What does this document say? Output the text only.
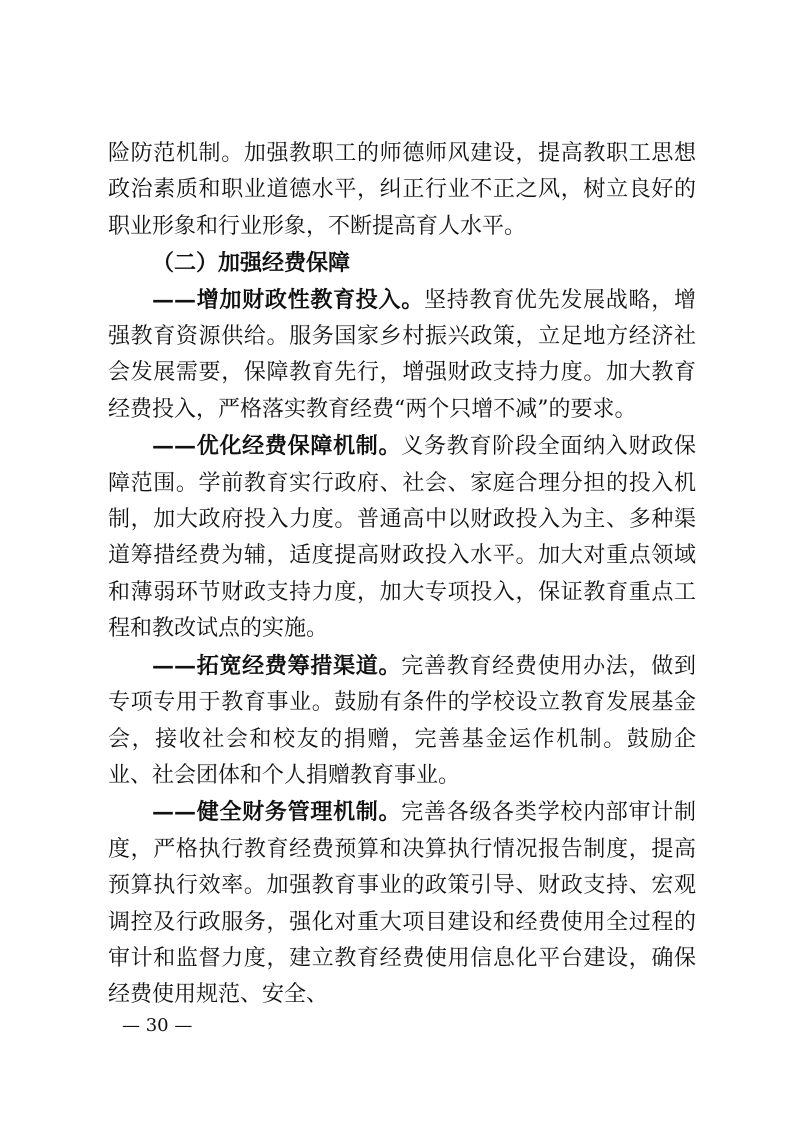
险防范机制。加强教职工的师德师风建设，提高教职工思想政治素质和职业道德水平，纠正行业不正之风，树立良好的职业形象和行业形象，不断提高育人水平。

（二）加强经费保障

——增加财政性教育投入。坚持教育优先发展战略，增强教育资源供给。服务国家乡村振兴政策，立足地方经济社会发展需要，保障教育先行，增强财政支持力度。加大教育经费投入，严格落实教育经费“两个只增不减”的要求。

——优化经费保障机制。义务教育阶段全面纳入财政保障范围。学前教育实行政府、社会、家庭合理分担的投入机制，加大政府投入力度。普通高中以财政投入为主、多种渠道筹措经费为辅，适度提高财政投入水平。加大对重点领域和薄弱环节财政支持力度，加大专项投入，保证教育重点工程和教改试点的实施。

——拓宽经费筹措渠道。完善教育经费使用办法，做到专项专用于教育事业。鼓励有条件的学校设立教育发展基金会，接收社会和校友的捐赠，完善基金运作机制。鼓励企业、社会团体和个人捐赠教育事业。

——健全财务管理机制。完善各级各类学校内部审计制度，严格执行教育经费预算和决算执行情况报告制度，提高预算执行效率。加强教育事业的政策引导、财政支持、宏观调控及行政服务，强化对重大项目建设和经费使用全过程的审计和监督力度，建立教育经费使用信息化平台建设，确保经费使用规范、安全、

— 30 —
